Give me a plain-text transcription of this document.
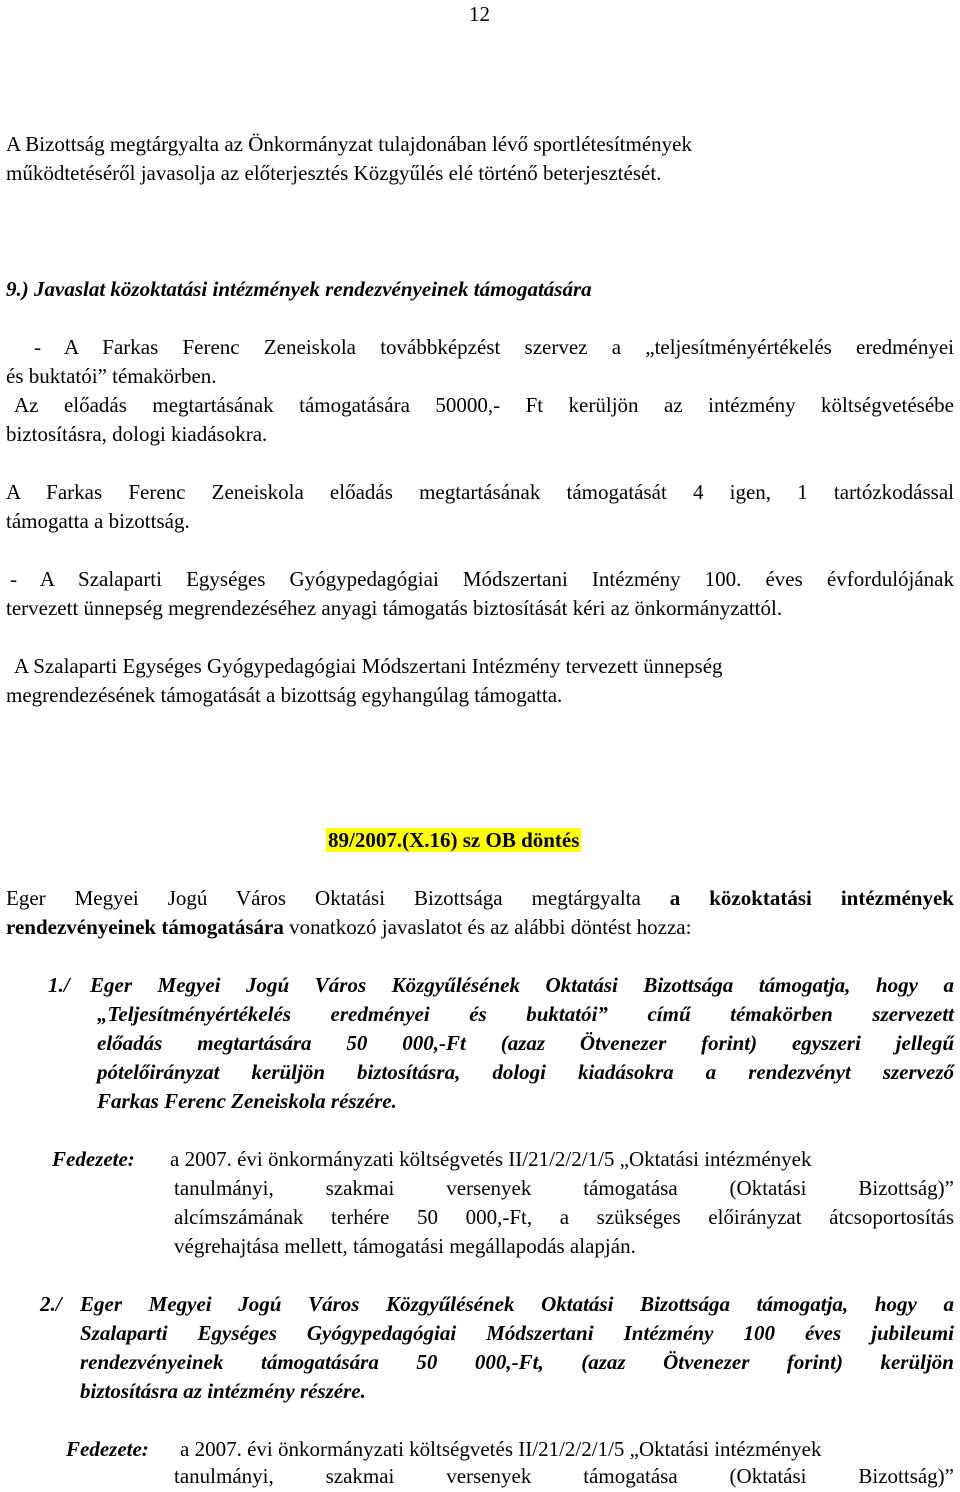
12
A Bizottság megtárgyalta az Önkormányzat tulajdonában lévő sportlétesítmények
működtetéséről javasolja az előterjesztés Közgyűlés elé történő beterjesztését.
9.) Javaslat közoktatási intézmények rendezvényeinek támogatására
- A Farkas Ferenc Zeneiskola továbbképzést szervez a „teljesítményértékelés eredményei
és buktatói” témakörben.
Az előadás megtartásának támogatására 50000,- Ft kerüljön az intézmény költségvetésébe
biztosításra, dologi kiadásokra.
A Farkas Ferenc Zeneiskola előadás megtartásának támogatását 4 igen, 1 tartózkodással
támogatta a bizottság.
- A Szalaparti Egységes Gyógypedagógiai Módszertani Intézmény 100. éves évfordulójának
tervezett ünnepség megrendezéséhez anyagi támogatás biztosítását kéri az önkormányzattól.
A Szalaparti Egységes Gyógypedagógiai Módszertani Intézmény tervezett ünnepség
megrendezésének támogatását a bizottság egyhangúlag támogatta.
89/2007.(X.16) sz OB döntés
Eger Megyei Jogú Város Oktatási Bizottsága megtárgyalta a közoktatási intézmények
rendezvényeinek támogatására vonatkozó javaslatot és az alábbi döntést hozza:
1./ Eger Megyei Jogú Város Közgyűlésének Oktatási Bizottsága támogatja, hogy a
„Teljesítményértékelés eredményei és buktatói” című témakörben szervezett
előadás megtartására 50 000,-Ft (azaz Ötvenezer forint) egyszeri jellegű
pótelőirányzat kerüljön biztosításra, dologi kiadásokra a rendezvényt szervező
Farkas Ferenc Zeneiskola részére.
Fedezete: a 2007. évi önkormányzati költségvetés II/21/2/2/1/5 „Oktatási intézmények
tanulmányi, szakmai versenyek támogatása (Oktatási Bizottság)”
alcímszámának terhére 50 000,-Ft, a szükséges előirányzat átcsoportosítás
végrehajtása mellett, támogatási megállapodás alapján.
2./ Eger Megyei Jogú Város Közgyűlésének Oktatási Bizottsága támogatja, hogy a
Szalaparti Egységes Gyógypedagógiai Módszertani Intézmény 100 éves jubileumi
rendezvényeinek támogatására 50 000,-Ft, (azaz Ötvenezer forint) kerüljön
biztosításra az intézmény részére.
Fedezete: a 2007. évi önkormányzati költségvetés II/21/2/2/1/5 „Oktatási intézmények
tanulmányi, szakmai versenyek támogatása (Oktatási Bizottság)”
